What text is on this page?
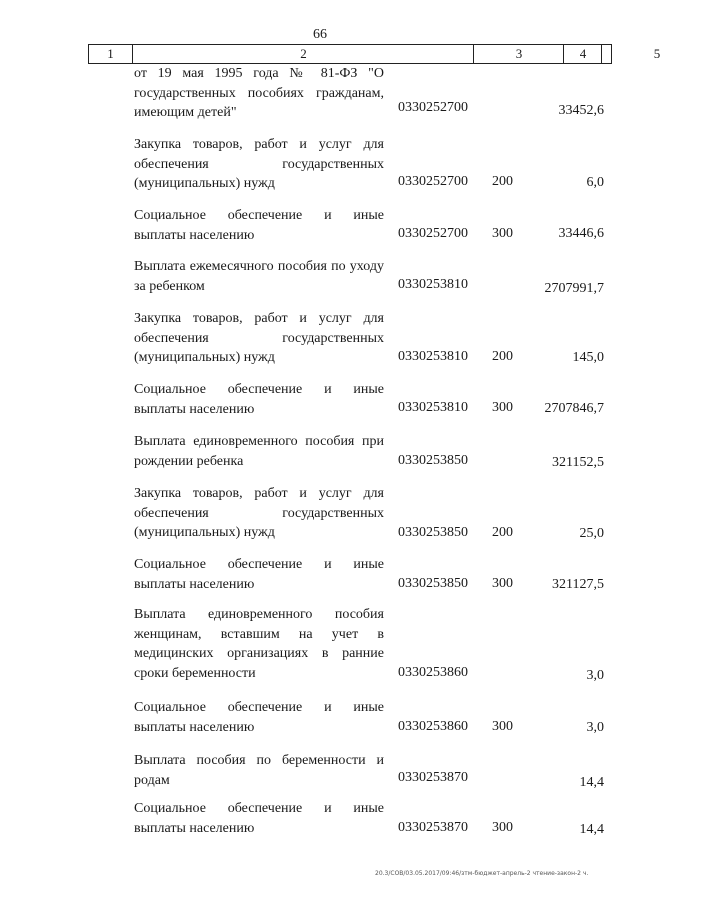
66
1	2	3	4	5
от 19 мая 1995 года № 81-ФЗ "О государственных пособиях гражданам, имеющим детей"	0330252700	33452,6
Закупка товаров, работ и услуг для обеспечения государственных (муниципальных) нужд	0330252700 200	6,0
Социальное обеспечение и иные выплаты населению	0330252700 300	33446,6
Выплата ежемесячного пособия по уходу за ребенком	0330253810	2707991,7
Закупка товаров, работ и услуг для обеспечения государственных (муниципальных) нужд	0330253810 200	145,0
Социальное обеспечение и иные выплаты населению	0330253810 300 2707846,7
Выплата единовременного пособия при рождении ребенка	0330253850	321152,5
Закупка товаров, работ и услуг для обеспечения государственных (муниципальных) нужд	0330253850 200	25,0
Социальное обеспечение и иные выплаты населению	0330253850 300	321127,5
Выплата единовременного пособия женщинам, вставшим на учет в медицинских организациях в ранние сроки беременности	0330253860	3,0
Социальное обеспечение и иные выплаты населению	0330253860 300	3,0
Выплата пособия по беременности и родам	0330253870	14,4
Социальное обеспечение и иные выплаты населению	0330253870 300	14,4
20.3/СОВ/03.05.2017/09:46/зтм-бюджет-апрель-2 чтение-закон-2 ч.
